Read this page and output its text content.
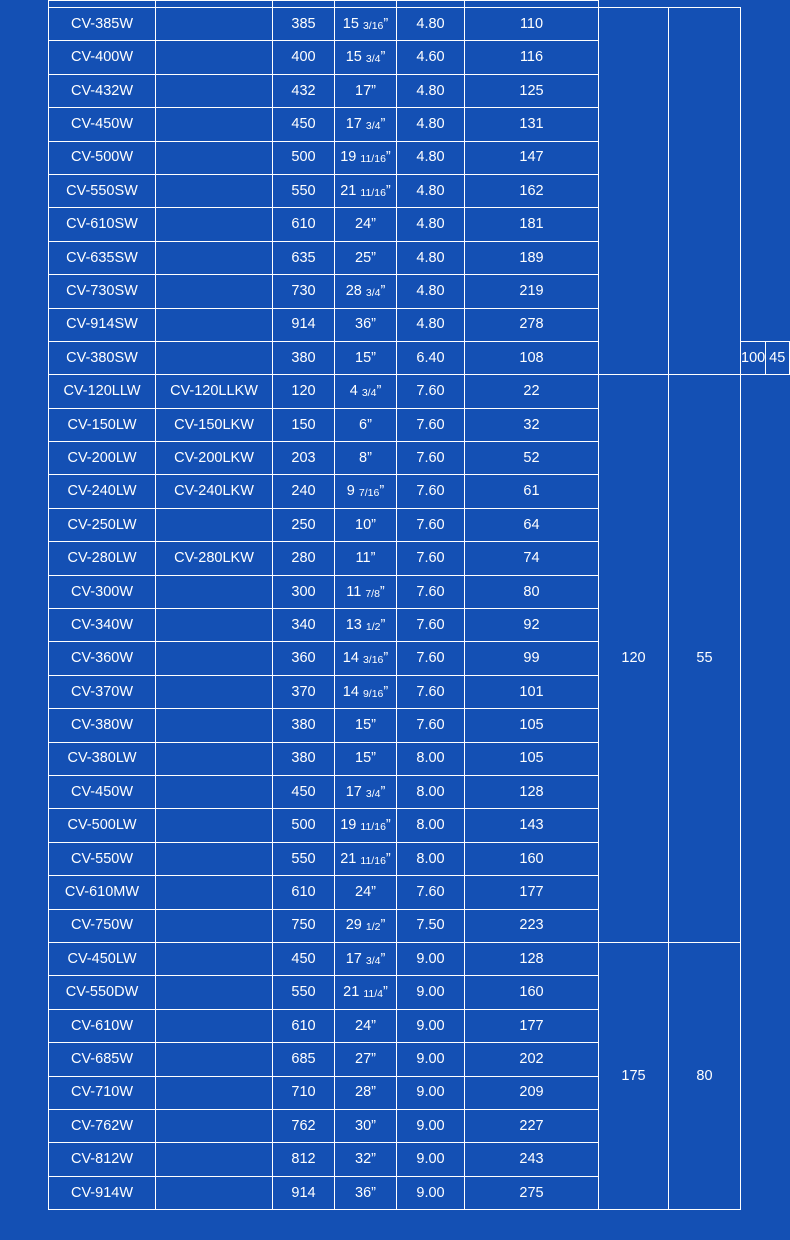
CV-385W		385	15 3/16”	4.80	110				
CV-400W		400	15 3/4”	4.60	116				
CV-432W		432	17”	4.80	125				
CV-450W		450	17 3/4”	4.80	131				
CV-500W		500	19 11/16”	4.80	147				
CV-550SW		550	21 11/16”	4.80	162				
CV-610SW		610	24”	4.80	181				
CV-635SW		635	25”	4.80	189				
CV-730SW		730	28 3/4”	4.80	219				
CV-914SW		914	36”	4.80	278				
CV-380SW		380	15”	6.40	108			100	45
CV-120LLW	CV-120LLKW	120	4 3/4”	7.60	22	120	55		
CV-150LW	CV-150LKW	150	6”	7.60	32				
CV-200LW	CV-200LKW	203	8”	7.60	52				
CV-240LW	CV-240LKW	240	9 7/16”	7.60	61				
CV-250LW		250	10”	7.60	64				
CV-280LW	CV-280LKW	280	11”	7.60	74				
CV-300W		300	11 7/8”	7.60	80				
CV-340W		340	13 1/2”	7.60	92				
CV-360W		360	14 3/16”	7.60	99				
CV-370W		370	14 9/16”	7.60	101				
CV-380W		380	15”	7.60	105				
CV-380LW		380	15”	8.00	105				
CV-450W		450	17 3/4”	8.00	128				
CV-500LW		500	19 11/16”	8.00	143				
CV-550W		550	21 11/16”	8.00	160				
CV-610MW		610	24”	7.60	177				
CV-750W		750	29 1/2”	7.50	223				
CV-450LW		450	17 3/4”	9.00	128	175	80		
CV-550DW		550	21 11/4”	9.00	160				
CV-610W		610	24”	9.00	177				
CV-685W		685	27”	9.00	202				
CV-710W		710	28”	9.00	209				
CV-762W		762	30”	9.00	227				
CV-812W		812	32”	9.00	243				
CV-914W		914	36”	9.00	275				
